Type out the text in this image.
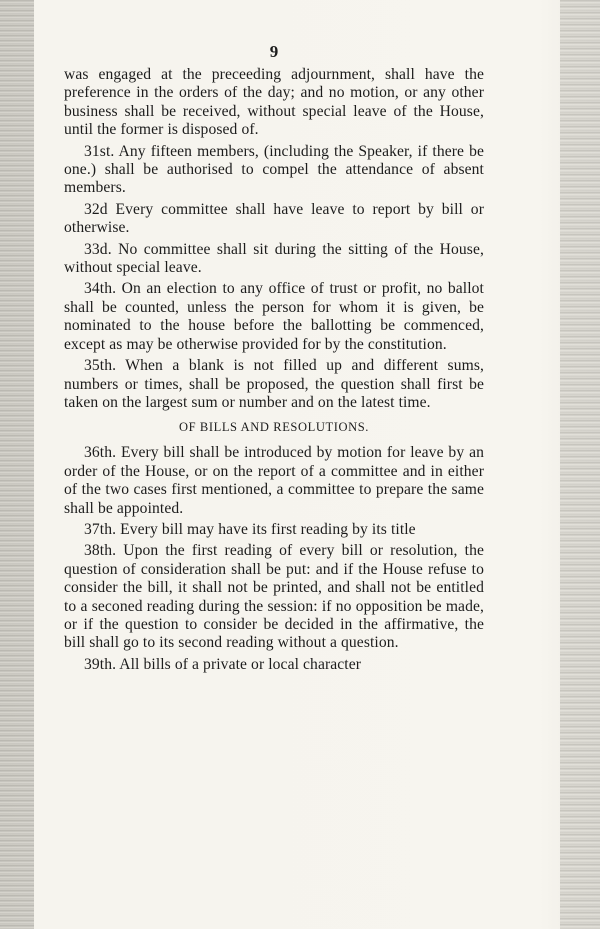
9

was engaged at the preceeding adjournment, shall have the preference in the orders of the day; and no motion, or any other business shall be received, without special leave of the House, until the former is disposed of.

31st. Any fifteen members, (including the Speaker, if there be one.) shall be authorised to compel the attendance of absent members.

32d Every committee shall have leave to report by bill or otherwise.

33d. No committee shall sit during the sitting of the House, without special leave.

34th. On an election to any office of trust or profit, no ballot shall be counted, unless the person for whom it is given, be nominated to the house before the ballotting be commenced, except as may be otherwise provided for by the constitution.

35th. When a blank is not filled up and different sums, numbers or times, shall be proposed, the question shall first be taken on the largest sum or number and on the latest time.

OF BILLS AND RESOLUTIONS.

36th. Every bill shall be introduced by motion for leave by an order of the House, or on the report of a committee and in either of the two cases first mentioned, a committee to prepare the same shall be appointed.

37th. Every bill may have its first reading by its title

38th. Upon the first reading of every bill or resolution, the question of consideration shall be put: and if the House refuse to consider the bill, it shall not be printed, and shall not be entitled to a seconed reading during the session: if no opposition be made, or if the question to consider be decided in the affirmative, the bill shall go to its second reading without a question.

39th. All bills of a private or local character
